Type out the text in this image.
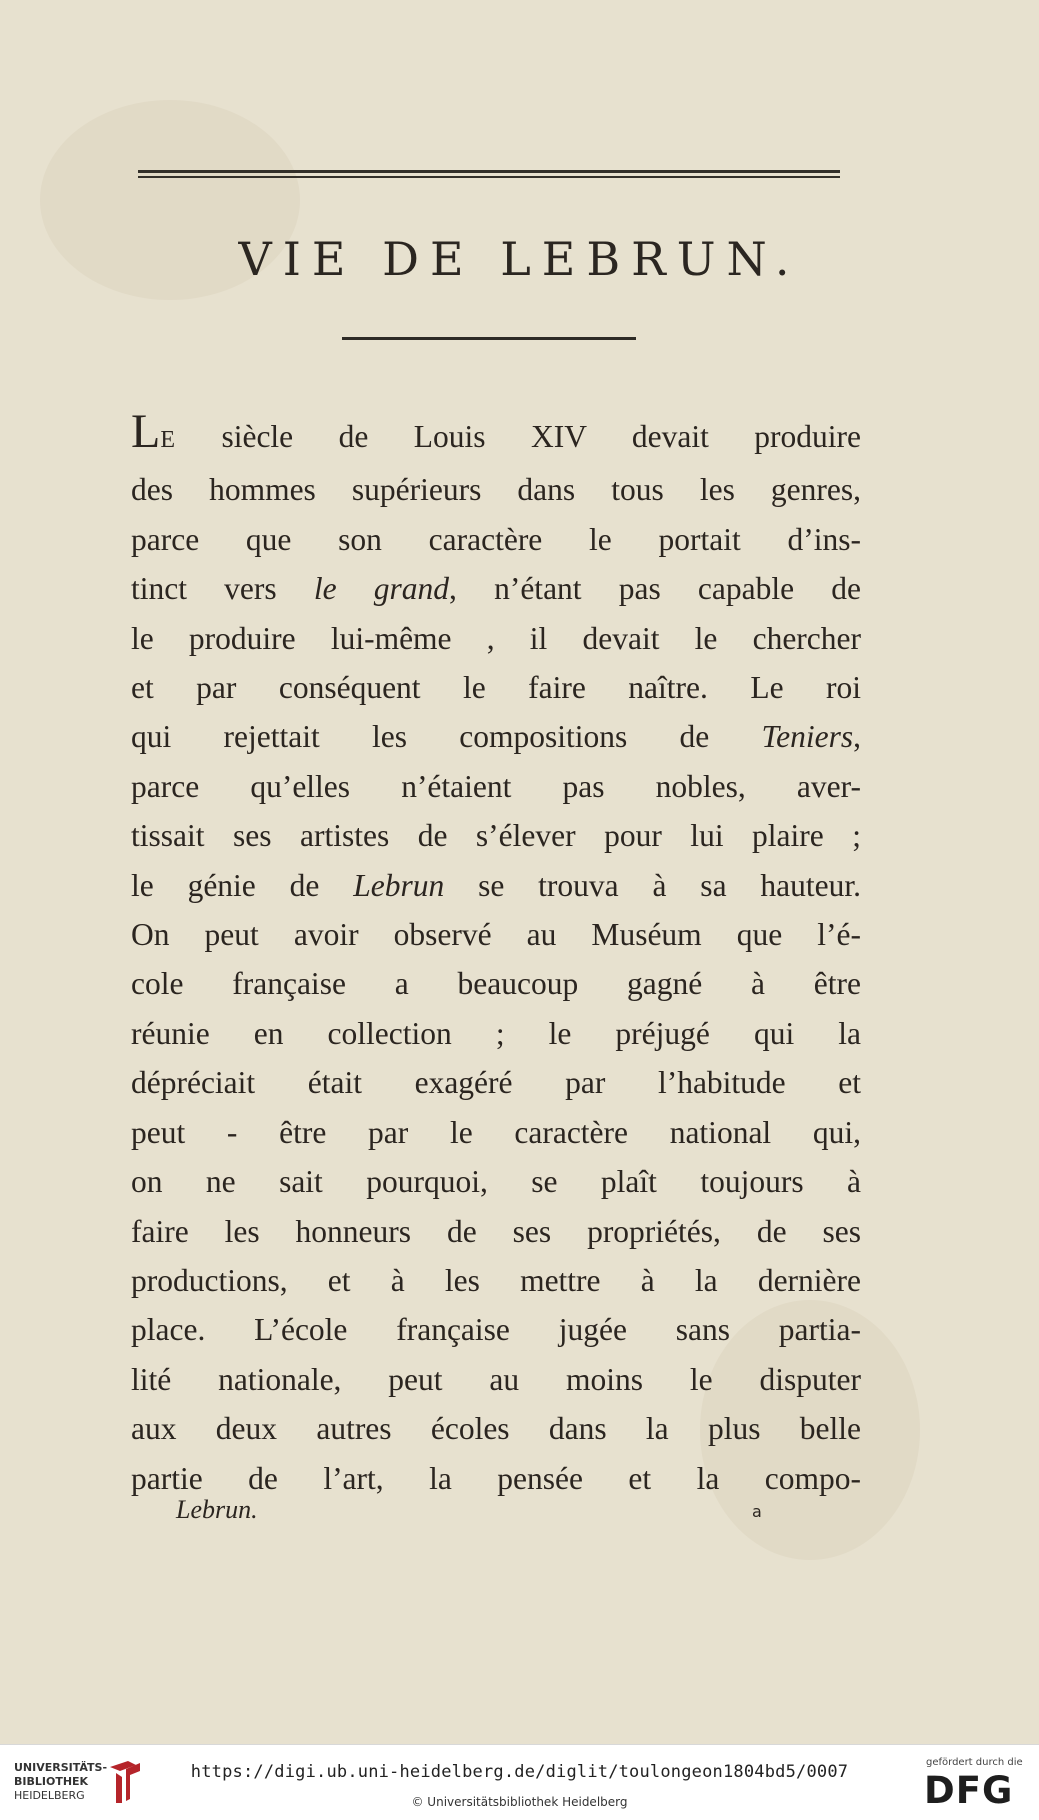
VIE DE LEBRUN.
LE siècle de Louis XIV devait produire
des hommes supérieurs dans tous les genres,
parce que son caractère le portait d’ins-
tinct vers le grand, n’étant pas capable de
le produire lui-même , il devait le chercher
et par conséquent le faire naître. Le roi
qui rejettait les compositions de Teniers,
parce qu’elles n’étaient pas nobles, aver-
tissait ses artistes de s’élever pour lui plaire ;
le génie de Lebrun se trouva à sa hauteur.
On peut avoir observé au Muséum que l’é-
cole française a beaucoup gagné à être
réunie en collection ; le préjugé qui la
dépréciait était exagéré par l’habitude et
peut - être par le caractère national qui,
on ne sait pourquoi, se plaît toujours à
faire les honneurs de ses propriétés, de ses
productions, et à les mettre à la dernière
place. L’école française jugée sans partia-
lité nationale, peut au moins le disputer
aux deux autres écoles dans la plus belle
partie de l’art, la pensée et la compo-
Lebrun.	a
UNIVERSITÄTS-
BIBLIOTHEK
HEIDELBERG
https://digi.ub.uni-heidelberg.de/diglit/toulongeon1804bd5/0007
© Universitätsbibliothek Heidelberg
gefördert durch die
DFG
